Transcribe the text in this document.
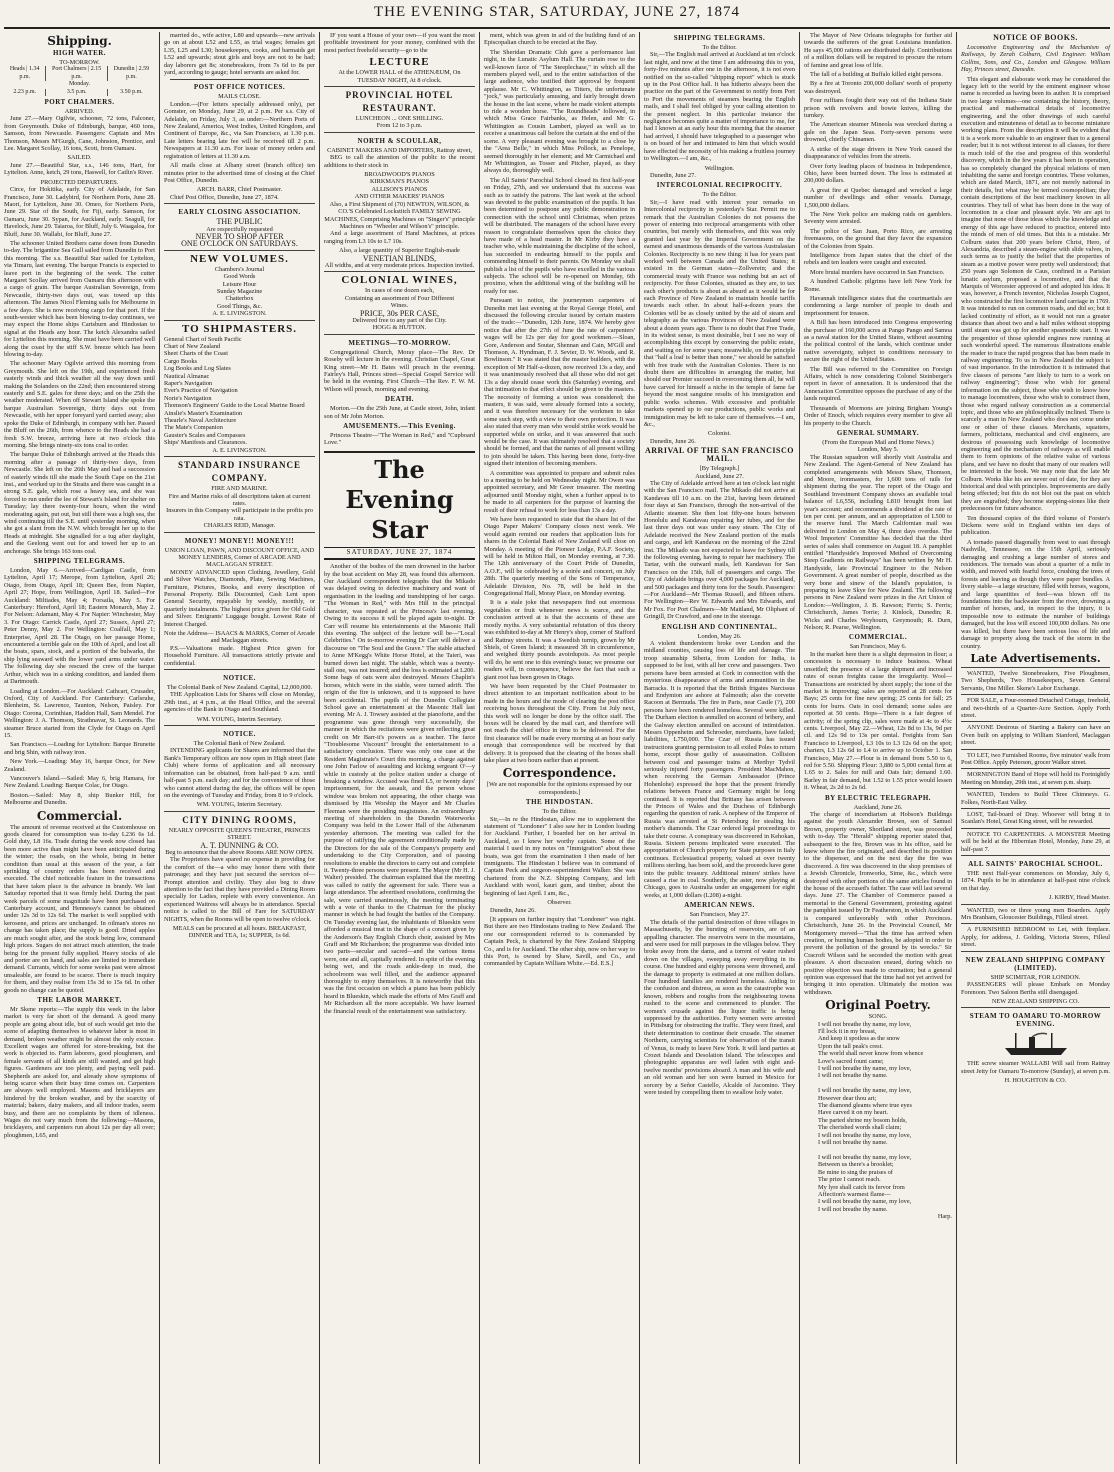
THE EVENING STAR, SATURDAY, JUNE 27, 1874
Shipping.
HIGH WATER.
TO-MORROW.
Heads | 1.34 p.m.	Port Chalmers | 2.15 p.m.	Dunedin | 2.59 p.m.
Monday.		
2.23 p.m.	3.5 p.m.	3.50 p.m.
PORT CHALMERS.
ARRIVED.
June 27.—Mary Ogilvie, schooner, 72 tons, Falconer, from Greymouth. Duke of Edinburgh, barque, 460 tons, Samson, from Newcastle. Passengers: Captain and Mrs Thomson, Messrs M'Gurgh, Cane, Johnston, Prentice, and Lee. Margaret Scollay, 16 tons, Scott, from Oamaru.
SAILED.
June 27.—Beautiful Star, s.s., 146 tons, Hart, for Lyttelton. Anne, ketch, 29 tons, Haswell, for Catlin's River.
PROJECTED DEPARTURES.
Circe, for Hokitika, early. City of Adelaide, for San Francisco, June 30. Ladybird, for Northern Ports, June 28. Maori, for Lyttelton, June 30. Omeo, for Northern Ports, June 29. Star of the South, for Fiji, early. Samson, for Oamaru, June 30. Sypan, for Auckland, early. Seagull, for Havelock, June 29. Taiaroa, for Bluff, July 6. Waagaloa, for Bluff, June 30. Wallabi, for Bluff, June 27.
The schooner United Brothers came down from Dunedin to-day. The brigantine Sea Gull sailed from Dunedin to Port this morning. The s.s. Beautiful Star sailed for Lyttelton, via Timaru, last evening. The barque Francis is expected to leave port in the beginning of the week. The cutter Margaret Scollay arrived from Oamaru this afternoon with a cargo of grain. The barque Australian Sovereign, from Newcastle, thirty-two days out, was towed up this afternoon. The James Nicol Fleming sails for Melbourne in a few days. She is now receiving cargo for that port. If the south-wester which has been blowing to-day continues, we may expect the Home ships Cartsburn and Hindostan to signal at the Heads any hour. The ketch Alexandra sailed for Lyttelton this morning. She must have been carried well along the coast by the stiff S.W. breeze which has been blowing to-day.
The schooner Mary Ogilvie arrived this morning from Greymouth. She left on the 19th, and experienced fresh easterly winds and thick weather all the way down until making the Solanders on the 22nd; then encountered strong easterly and S.E. gales for three days; and on the 25th the weather moderated. When off Stewart Island she spoke the barque Australian Sovereign, thirty days out from Newcastle, with her upper foreyard yard carried away; also spoke the Duke of Edinburgh, in company with her. Passed the Bluff on the 26th, from whence to the Heads she had a fresh S.W. breeze, arriving here at two o'clock this morning. She brings ninety-six tons coal to order.
The barque Duke of Edinburgh arrived at the Heads this morning after a passage of thirty-two days, from Newcastle. She left on the 26th May and had a succession of easterly winds till she made the South Cape on the 21st inst., and worked up to the Straits and there was caught in a strong S.E. gale, which rose a heavy sea, and she was forced to run under the lee of Stewart's Island for shelter on Tuesday; lay there twenty-four hours, when the wind moderating again, put out, but still there was a high sea, the wind continuing till the S.E. until yesterday morning, when she got a slant from the N.W. which brought her up to the Heads at midnight. She signalled for a tug after daylight, and the Geelong went out for and towed her up to an anchorage. She brings 163 tons coal.
SHIPPING TELEGRAMS.
London, May 6.—Arrived—Cardigan Castle, from Lyttelton, April 17; Merope, from Lyttelton, April 26; Otago, from Otago, April 18; Queen Bee, from Napier, April 27; Hope, from Wellington, April 18. Sailed—For Auckland: Miltiades, May 4; Forsaila, May 5. For Canterbury: Hereford, April 18; Eastern Monarch, May 2. For Nelson: Adamant, May 4. For Napier: Winchester, May 3. For Otago: Carrick Castle, April 27; Sussex, April 27; Peter Denny, May 2. For Wellington: Coalfall, May 1; Enterprise, April 28. The Otago, on her passage Home, encountered a terrible gale on the 10th of April, and lost all the boats, spars, stock, and a portion of the bulwarks, the ship lying seaward with the lower yard arms under water. The following day she rescued the crew of the barque Arthur, which was in a sinking condition, and landed them at Dartmouth.
Loading at London.—For Auckland: Cathcart, Crusader, Oxford, City of Auckland. For Canterbury: Carlsruhe, Blenheim, St. Lawrence, Taunton, Nelson, Paisley. For Otago: Corona, Corinthian, Haddon Hall, Sam Mendel. For Wellington: J. A. Thomson, Strathnavar, St. Leonards. The steamer Bruce started from the Clyde for Otago on April 15.
San Francisco.—Loading for Lyttelton: Barque Brunette and brig Shin, with railway iron.
New York.—Loading: May 16, barque Once, for New Zealand.
Vancouver's Island.—Sailed: May 6, brig Hamara, for New Zealand. Loading: Barque Colac, for Otago.
Boston.—Sailed: May 8, ship Bunker Hill, for Melbourne and Dunedin.
Commercial.
The amount of revenue received at the Customhouse on goods cleared for consumption was to-day L236 6s 1d. Gold duty, L8 16s. Trade during the week now closed has been more active than might have been anticipated during the winter; the roads, on the whole, being in better condition than usual at this season of the year, a fair sprinkling of country orders has been received and executed. The chief noticeable feature in the transactions that have taken place is the advance in brandy. We last Saturday reported that it was firmly held. During the past week parcels of some magnitude have been purchased on Canterbury account, and Hennessy's cannot be obtained under 12s 3d to 12s 6d. The market is well supplied with kerosene, and prices are unchanged. In oilman's stores no change has taken place; the supply is good. Dried apples are much sought after, and the stock being low, command high prices. Sugars do not attract much attention, the trade being for the present fully supplied. Heavy stocks of ale and porter are on hand, and sales are limited to immediate demand. Currants, which for some weeks past were almost unsaleable, are found to be scarce. There is much inquiry for them, and they realise from 15s 3d to 15s 6d. In other goods no change can be quoted.
THE LABOR MARKET.
Mr Skene reports:—The supply this week in the labor market is very far short of the demand. A good many people are going about idle, but of such would get into the scene of adapting themselves to whatever labor is most in demand, broken weather might be almost the only excuse. Excellent wages are offered for store-breaking, but the work is objected to. Farm laborers, good ploughmen, and female servants of all kinds are still wanted, and get high figures. Gardeners are too plenty, and paying well paid. Shepherds are asked for, and already show symptoms of being scarce when their busy time comes on. Carpenters are always well employed. Masons and bricklayers are hindered by the broken weather, and by the scarcity of material; bakers, dairy makers, and all indoor trades, seem busy, and there are no complaints by them of idleness. Wages do not vary much from the following:—Masons, bricklayers, and carpenters run about 12s per day all over; ploughmen, L65, and
married do., wife active, L80 and upwards—new arrivals go on at about L52 and L55, as trial wages; females get L35, L25 and L30; housekeepers, cooks, and barmaids get L52 and upwards; stout girls and boys are not to be had; day laborers get 8s; stonebreakers, from 7s 6d to 8s per yard, according to gauge; hotel servants are asked for.
POST OFFICE NOTICES.
MAILS CLOSE.
London.—(For letters specially addressed only), per Gomster, on Monday, June 29, at 2 p.m. Per s.s. City of Adelaide, on Friday, July 3, as under:—Northern Ports of New Zealand, America, West Indies, United Kingdom, and Continent of Europe, &c., via San Francisco, at 1.30 p.m. Late letters bearing late fee will be received till 2 p.m. Newspapers at 11.30 a.m. For issue of money orders and registration of letters at 11.30 a.m.
All mails close at Albany street (branch office) ten minutes prior to the advertised time of closing at the Chief Post Office, Dunedin.
ARCH. BARR, Chief Postmaster.
Chief Post Office, Dunedin, June 27, 1874.
EARLY CLOSING ASSOCIATION.
THE PUBLIC
Are respectfully requested
NEVER TO SHOP AFTER
ONE O'CLOCK ON SATURDAYS.
NEW VOLUMES.
Chambers's Journal
Good Words
Leisure Hour
Sunday Magazine
Chatterbox
Good Things, &c.
A. E. LIVINGSTON.
TO SHIPMASTERS.
General Chart of South Pacific
Chart of New Zealand
Sheet Charts of the Coast
Cargo Books
Log Books and Log Slates
Nautical Almanac
Raper's Navigation
Ever's Practice of Navigation
Norie's Navigation
Thomson's Engineers' Guide to the Local Marine Board
Ainslie's Master's Examination
Thearle's Naval Architecture
The Mate's Companion
Gauster's Scales and Compasses
Ships' Manifests and Clearances.
A. E. LIVINGSTON.
STANDARD INSURANCE COMPANY.
FIRE AND MARINE.
Fire and Marine risks of all descriptions taken at current rates.
Insurers in this Company will participate in the profits pro rata.
CHARLES REID, Manager.
MONEY! MONEY!! MONEY!!!
UNION LOAN, PAWN, AND DISCOUNT OFFICE, AND MONEY LENDERS, Corner of ARCADE AND MACLAGGAN STREET.
MONEY ADVANCED upon Clothing, Jewellery, Gold and Silver Watches, Diamonds, Plate, Sewing Machines, Furniture, Pictures, Books, and every description of Personal Property. Bills Discounted, Cash Lent upon General Security, repayable by weekly, monthly, or quarterly instalments. The highest price given for Old Gold and Silver. Emigrants' Luggage bought. Lowest Rate of Interest Charged.
Note the Address— ISAACS & MARKS, Corner of Arcade and Maclaggan streets.
P.S.—Valuations made. Highest Price given for Household Furniture. All transactions strictly private and confidential.
NOTICE.
The Colonial Bank of New Zealand. Capital, L2,000,000.
THE Application Lists for Shares will close on Monday, 29th inst., at 4 p.m., at the Head Office, and the several agencies of the Bank in Otago and Southland.
WM. YOUNG, Interim Secretary.
NOTICE.
The Colonial Bank of New Zealand.
INTENDING applicants for Shares are informed that the Bank's Temporary offices are now open in High street (late Club) where forms of application and all necessary information can be obtained, from half-past 9 a.m. until half-past 5 p.m. each day; and for the convenience of those who cannot attend during the day, the offices will be open on the evenings of Tuesday and Friday, from 8 to 9 o'clock.
WM. YOUNG, Interim Secretary.
CITY DINING ROOMS,
NEARLY OPPOSITE QUEEN'S THEATRE, PRINCES STREET.
A. T. DUNNING & CO.
Beg to announce that the above Rooms ARE NOW OPEN.
The Proprietors have spared no expense in providing for the comfort of the—a who may honor them with their patronage; and they have just secured the services of—Prompt attention and civility. They also beg to draw attention to the fact that they have provided a Dining Room specially for Ladies, replete with every convenience. An experienced Waitress will always be in attendance. Special notice is called to the Bill of Fare for SATURDAY NIGHTS, when the Rooms will be open to twelve o'clock.
MEALS can be procured at all hours. BREAKFAST, DINNER and TEA, 1s; SUPPER, 1s 6d.
IF you want a House of your own—if you want the most profitable investment for your money, combined with the most perfect freehold security—go to the
LECTURE
At the LOWER HALL of the ATHENÆUM, On TUESDAY NIGHT, At 8 o'clock.
PROVINCIAL HOTEL RESTAURANT.
LUNCHEON ... ONE SHILLING.
From 12 to 3 p.m.
NORTH & SCOULLAR,
CABINET MAKERS AND IMPORTERS, Rattray street,
BEG to call the attention of the public to the recent additions to their stock in
BROADWOOD'S PIANOS
KIRKMAN'S PIANOS
ALLISON'S PIANOS
AND OTHER MAKERS' PIANOS
Also, a First Shipment of (70) NEWTON, WILSON, & CO.'S Celebrated Lockstitch FAMILY SEWING MACHINES, Comprising Machines on "Singer's" principle Machines on "Wheeler and Wilson's" principle.
And a large assortment of Hand Machines, at prices ranging from L3 10s to L7 10s.
Also, a large quantity of Superior English-made
VENETIAN BLINDS,
All widths, and at very moderate prices. Inspection invited.
COLONIAL WINES,
In cases of one dozen each,
Containing an assortment of Four Different
Wines.
PRICE, 30s PER CASE,
Delivered free to any part of the City.
HOGG & HUTTON.
MEETINGS—TO-MORROW.
Congregational Church, Moray place—The Rev. Dr Roseby will lecture in the evening. Christian Chapel, Great King street—Mr H. Bates will preach in the evening. Fairley's Hall, Princes street—Special Gospel Service will be held in the evening. First Church—The Rev. F. W. M. Wilson will preach, morning and evening.
DEATH.
Morton.—On the 25th June, at Castle street, John, infant son of Mr John Morton.
AMUSEMENTS.—This Evening.
Princess Theatre—"The Woman in Red," and "Cupboard Love."
The Evening Star
SATURDAY, JUNE 27, 1874
Another of the bodies of the men drowned in the harbor by the boat accident on May 28, was found this afternoon. Our Auckland correspondent telegraphs that the Mikado was delayed owing to defective machinery and want of organisation in the loading and transhipping of her cargo. "The Woman in Red," with Mrs Hill in the principal character, was repeated at the Princess's last evening. Owing to its success it will be played again to-night. Dr Carr will resume his entertainments at the Masonic Hall this evening. The subject of the lecture will be—"Local Celebrities." On to-morrow evening Dr Carr will deliver a discourse on "The Soul and the Grave." The stable attached to Anne M'Kegg's White Horse Hotel, at the Taieri, was burned down last night. The stable, which was a twenty-stall one, was not insured; and the loss is estimated at L200. Some bags of oats were also destroyed. Messrs Chaplin's horses, which were in the stable, were turned adrift. The origin of the fire is unknown, and it is supposed to have been accidental. The pupils of the Dunedin Collegiate School gave an entertainment at the Masonic Hall last evening. Mr A. J. Towsey assisted at the pianoforte, and the programme was gone through very successfully, the manner in which the recitations were given reflecting great credit on Mr Barr-it's powers as a teacher. The farce "Troublesome Viscount" brought the entertainment to a satisfactory conclusion. There was only one case at the Resident Magistrate's Court this morning, a charge against one John Farlow of assaulting and kicking sergeant O'—y while in custody at the police station under a charge of breaking a window. Accused was fined L5, or twenty days' imprisonment, for the assault, and the person whose window was broken not appearing, the other charge was dismissed by His Worship the Mayor and Mr Charles Fleeman were the presiding magistrates. An extraordinary meeting of shareholders in the Dunedin Waterworks Company was held in the Lower Hall of the Athenæum yesterday afternoon. The meeting was called for the purpose of ratifying the agreement conditionally made by the Directors for the sale of the Company's property and undertaking to the City Corporation, and of passing resolutions to enable the directors to carry out and complete it. Twenty-three persons were present. The Mayor (Mr H. J. Walter) presided. The chairman explained that the meeting was called to ratify the agreement for sale. There was a large attendance. The advertised resolutions, confirming the sale, were carried unanimously, the meeting terminating with a vote of thanks to the Chairman for the plucky manner in which he had fought the battles of the Company. On Tuesday evening last, the inhabitants of Blueskin were afforded a musical treat in the shape of a concert given by the Anderson's Bay English Church choir, assisted by Mrs Graff and Mr Richardson; the programme was divided into two parts—secular and sacred—and the various items were, one and all, capitally rendered. In spite of the evening being wet, and the roads ankle-deep in mud, the schoolroom was well filled, and the audience appeared thoroughly to enjoy themselves. It is noteworthy that this was the first occasion on which a piano has been publicly heard in Blueskin, which made the efforts of Mrs Graff and Mr Richardson all the more acceptable. We have learned the financial result of the entertainment was satisfactory.
ment, which was given in aid of the building fund of an Episcopalian church to be erected at the Bay.
The Sheridan Dramatic Club gave a performance last night, in the Lunatic Asylum Hall. The curtain rose to the well-known farce of "The Steeplechase," in which all the members played well, and to the entire satisfaction of the large audience, who testified their approval by frequent applause. Mr C. Whittington, as Titters, the unfortunate "jock," was particularly amusing, and fairly brought down the house in the last scene, where he made violent attempts to ride a wooden horse. "The Roundheads" followed, in which Miss Grace Fairbanks, as Helen, and Mr G. Whittington as Cousin Lambert, played as well as to receive a unanimous call before the curtain at the end of the scene. A very pleasant evening was brought to a close by the "Area Belle," in which Miss Pollock, as Penelope, seemed thoroughly in her element; and Mr Carmichael and Mr Whittington, as Tosser and Pitcher, played, as they always do, thoroughly well.
The All Saints' Parochial School closed its first half-year on Friday, 27th, and we understand that its success was such as to satisfy the patrons. The last week at the school was devoted to the public examination of the pupils. It has been determined to postpone any public demonstration in connection with the school until Christmas, when prizes will be distributed. The managers of the school have every reason to congratulate themselves upon the choice they have made of a head master. In Mr Kirby they have a teacher who, while maintaining the discipline of the school, has succeeded in endearing himself to the pupils and commending himself to their parents. On Monday we shall publish a list of the pupils who have excelled in the various subjects. The school will be re-opened on Monday, 6th proximo, when the additional wing of the building will be ready for use.
Pursuant to notice, the journeymen carpenters of Dunedin met last evening at the Royal George Hotel, and discussed the following circular issued by certain masters of the trade:—"Dunedin, 12th June, 1874. We hereby give notice that after the 27th of June the rate of carpenters' wages will be 12s per day for good workmen.—Sloan, Gore, Anderson and Soutar, Shennan and Cain, M'Gill and Thomson, A. Hyndman, F. J. Sevier, D. W. Woods, and R. Bowlinson." It was stated that the master builders, with the exception of Mr Half-a-dozen, now received 13s a day, and it was unanimously resolved that all those who did not get 13s a day should cease work this (Saturday) evening, and that intimation to that effect should be given to the masters. The necessity of forming a union was considered; the masters, it was said, were already formed into a society, and it was therefore necessary for the workmen to take some such step, with a view to their own protection. It was also stated that every man who would strike work would be supported while on strike, and it was answered that such would be the case. It was ultimately resolved that a society should be formed, and that the names of all present willing to join should be taken. This having been done, forty-five signed their intention of becoming members.
A committee was appointed to prepare and submit rules to a meeting to be held on Wednesday night. Mr Owen was appointed secretary, and Mr Greer treasurer. The meeting adjourned until Monday night, when a further appeal is to be made to all carpenters for the purpose of learning the result of their refusal to work for less than 13s a day.
We have been requested to state that the share list of the Otago Paper Makers' Company closes next week. We would again remind our readers that application lists for shares in the Colonial Bank of New Zealand will close on Monday. A meeting of the Pioneer Lodge, P.A.F. Society, will be held in Milton Hall, on Monday evening, at 7.30. The 12th anniversary of the Court Pride of Dunedin, A.O.F., will be celebrated by a soirée and concert, on July 28th. The quarterly meeting of the Sons of Temperance, Adelaide Division, No. 78, will be held in the Congregational Hall, Moray Place, on Monday evening.
It is a stale joke that newspapers find out enormous vegetables or fruit whenever news is scarce, and the conclusion arrived at is that the accounts of these are mostly myths. A very substantial refutation of this theory was exhibited to-day at Mr Henry's shop, corner of Stafford and Rattray streets. It was a Swedish turnip, grown by Mr Shiels, of Green Island; it measured 3ft in circumference, and weighed thirty pounds avoirdupois. As most people will do, he sent one to this evening's issue; we presume our readers will, in consequence, believe the fact that such a giant root has been grown in Otago.
We have been requested by the Chief Postmaster to direct attention to an important notification about to be made in the hours and the mode of clearing the post office receiving boxes throughout the City. From 1st July next, this work will no longer be done by the office staff. The boxes will be cleared by the mail cart, and therefore will not reach the chief office in time to be delivered. For the first clearance will be made every morning at an hour early enough that correspondence will be received by that delivery. It is proposed that the clearing of the boxes shall take place at two hours earlier than at present.
Correspondence.
[We are not responsible for the opinions expressed by our correspondents.]
THE HINDOSTAN.
To the Editor.
Sir,—In re the Hindostan, allow me to supplement the statement of "Londoner" I also saw her in London loading for Auckland. Further, I boarded her on her arrival in Auckland, so I knew her worthy captain. Some of the material I used in my notes on "Immigration" about these boats, was got from the examination I then made of her immigrants. The Hindostan I believe was in command of Captain Peck and surgeon-superintendent Walker. She was chartered from the N.Z. Shipping Company, and left Auckland with wool, kauri gum, and timber, about the beginning of last April. I am, &c.,
Observer.
Dunedin, June 26.
[It appears on further inquiry that "Londoner" was right. But there are two Hindostans trading to New Zealand. The one our correspondent referred to is commanded by Captain Peck, is chartered by the New Zealand Shipping Co., and is for Auckland. The other ship, now on her way to this Port, is owned by Shaw, Savill, and Co., and commanded by Captain William White.—Ed. E.S.]
SHIPPING TELEGRAMS.
To the Editor.
Sir,—The English mail arrived at Auckland at ten o'clock last night, and now at the time I am addressing this to you, forty-five minutes after one in the afternoon, it is not even notified on the so-called "shipping report" which is stuck up in the Post Office hall. It has hitherto always been the practice on the part of the Government to notify from Port to Port the movements of steamers bearing the English mails, and I shall feel obliged by your calling attention to the present neglect. In this particular instance the negligence becomes quite a matter of importance to me, for had I known at an early hour this morning that the steamer had arrived, I should have telegraphed to a passenger who is on board of her and intimated to him that which would have effected the necessity of his making a fruitless journey to Wellington.—I am, &c.,
Wellington.
Dunedin, June 27.
INTERCOLONIAL RECIPROCITY.
To the Editor.
Sir,—I have read with interest your remarks on Intercolonial reciprocity in yesterday's Star. Permit me to remark that the Australian Colonies do not possess the power of entering into reciprocal arrangements with other countries, but merely with themselves, and this was only granted last year by the Imperial Government on the earnest and unanimous demands of the various Australasian Colonies. Reciprocity is no new thing: it has for years past worked well between Canada and the United States; it existed in the German states—Zollverein; and the commercial treaty with France was nothing but an act of reciprocity. For these Colonies, situated as they are, to tax each other's products is about as absurd as it would be for each Province of New Zealand to maintain hostile tariffs towards each other. In about half-a-dozen years the Colonies will be as closely united by the aid of steam and telegraphy as the various Provinces of New Zealand were about a dozen years ago. There is no doubt that Free Trade, in its widest sense, is most desirable, but I see no way of accomplishing this except by conserving the public estate, and waiting on for some years; meanwhile, on the principle that "half a loaf is better than none," we should be satisfied with free trade with the Australian Colonies. There is no doubt there are difficulties in arranging the matter, but should our Premier succeed in overcoming them all, he will have carved for himself a niche in the temple of fame far beyond the most sanguine results of his immigration and public works schemes. With excessive and profitable markets opened up to our productions, public works and immigration may be left to take care of themselves.—I am, &c.,
Colonist.
Dunedin, June 26.
ARRIVAL OF THE SAN FRANCISCO MAIL.
[By Telegraph.]
Auckland, June 27.
The City of Adelaide arrived here at ten o'clock last night with the San Francisco mail. The Mikado did not arrive at Kandavau till 10 a.m. on the 21st, having been detained four days at San Francisco, through the non-arrival of the Atlantic steamer. She then lost fifty-one hours between Honolulu and Kandavau repairing her tubes, and for the last three days out was under easy steam. The City of Adelaide received the New Zealand portion of the mails and cargo, and left Kandavau on the morning of the 22nd inst. The Mikado was not expected to leave for Sydney till the following evening, having to repair her machinery. The Tartar, with the outward mails, left Kandavau for San Francisco on the 15th, full of passengers and cargo. The City of Adelaide brings over 4,000 packages for Auckland, and 500 packages and thirty tons for the South. Passengers:—For Auckland—Mr Thomas Russell, and fifteen others. For Wellington—Rev W. Edwards and Mrs Edwards, and Mr Fox. For Port Chalmers—Mr Maitland, Mr Oliphant of Gringill, Dr Crawford, and one in the steerage.
ENGLISH AND CONTINENTAL.
London, May 26.
A violent thunderstorm broke over London and the midland counties, causing loss of life and damage. The troop steamship Siberia, from London for India, is supposed to be lost, with all her crew and passengers. Two persons have been arrested at Cork in connection with the mysterious disappearance of arms and ammunition in the Barracks. It is reported that the British frigates Narcissus and Endymion are ashore at Falmouth; also the corvette Racoon at Bermuda. The fire in Paris, near Castle (?), 200 persons have been rendered homeless. Several were killed. The Durham election is annulled on account of bribery, and the Galway election annulled on account of intimidation. Messrs Oppenheim and Schroeder, merchants, have failed; liabilities, L750,000. The Czar of Russia has issued instructions granting permission to all exiled Poles to return home, except those guilty of assassination. Collision between coal and passenger trains at Merthyr Tydvil seriously injured forty passengers. President MacMahon, when receiving the German Ambassador (Prince Hohenlohe) expressed the hope that the present friendly relations between France and Germany might be long continued. It is reported that Brittany has arisen between the Princes of Wales and the Duchess of Edinburgh regarding the question of rank. A nephew of the Emperor of Russia was arrested at St Petersburg for stealing his mother's diamonds. The Czar ordered legal proceedings to take their course. A conspiracy was discovered in Kehokan, Russia. Sixteen persons implicated were executed. The appropriation of Church property for State purposes in Italy continues. Ecclesiastical property, valued at over twenty millions sterling, has been sold, and the proceeds have gone into the public treasury. Additional miners' strikes have caused a rise in coal. Southerly, the aster, now playing at Chicago, goes to Australia under an engagement for eight weeks, at 1,000 dollars (L208) a-night.
AMERICAN NEWS.
San Francisco, May 27.
The details of the partial destruction of three villages in Massachusetts, by the bursting of reservoirs, are of an appalling character. The reservoirs were in the mountains, and were used for mill purposes in the villages below. They broke away from the dams, and a torrent of water rushed down on the villages, sweeping away everything in its course. One hundred and eighty persons were drowned, and the damage to property is estimated at one million dollars. Four hundred families are rendered homeless. Adding to the confusion and distress, as soon as the catastrophe was known, robbers and roughs from the neighbouring towns rushed to the scene and commenced to plunder. The women's crusade against the liquor traffic is being suppressed by the authorities. Forty women were arrested in Pittsburg for obstructing the traffic. They were fined, and their determination to continue their crusade. The steamer Northern, carrying scientists for observation of the transit of Venus, is ready to leave New York. It will land parties at Crozet Islands and Desolation Island. The telescopes and photographic apparatus are well laden with eight and-twelve months' provisions aboard. A man and his wife and an old woman and her son were burned in Mexico for sorcery by a Señor Castello, Alcalde of Jacomino. They were tested by compelling them to swallow holy water.
The Mayor of New Orleans telegraphs for further aid towards the sufferers of the great Louisiana inundation. He says 45,000 rations are distributed daily. Contributions of a million dollars will be required to procure the return of famine and great loss of life.
The fall of a building at Buffalo killed eight persons.
By a fire at Toronto 200,000 dollars' worth of property was destroyed.
Four ruffians fought their way out of the Indiana State prison with revolvers and bowie knives, killing the turnkey.
The American steamer Mineola was wrecked during a gale on the Japan Seas. Forty-seven persons were drowned, chiefly Chinamen.
A strike of the stage drivers in New York caused the disappearance of vehicles from the streets.
Over forty leading places of business in Independence, Ohio, have been burned down. The loss is estimated at 200,000 dollars.
A great fire at Quebec damaged and wrecked a large number of dwellings and other vessels. Damage, 1,500,000 dollars.
The New York police are making raids on gamblers. Seventy were arrested.
The police of San Juan, Porto Rico, are arresting freemasons, on the ground that they favor the expansion of the Colonies from Spain.
Intelligence from Japan states that the chief of the rebels and ten leaders were caught and executed.
More brutal murders have occurred in San Francisco.
A hundred Catholic pilgrims have left New York for Rome.
Havannah intelligence states that the courtmartials are condemning a large number of people to death and imprisonment for treason.
A Bill has been introduced into Congress empowering the purchase of 160,000 acres at Pango Pango and Samoa as a naval station for the United States, without assuming the political control of the lands, which continue under native sovereignty, subject to conditions necessary to secure the right of the United States.
The Bill was referred to the Committee on Foreign Affairs, which is now considering Colonel Steinberger's report in favor of annexation. It is understood that the Annexation Committee opposes the purchase of any of the lands required.
Thousands of Mormons are joining Brigham Young's Order of Enoch, which requires every member to give all his property to the Church.
GENERAL SUMMARY.
(From the European Mail and Home News.)
London, May 5.
The Russian squadron will shortly visit Australia and New Zealand. The Agent-General of New Zealand has completed arrangements with Messrs Shaw, Thomson, and Moore, ironmasters, for 1,600 tons of rails for shipment during the year. The report of the Otago and Southland Investment Company shows an available total balance of L6,556, including L810 brought from last year's account; and recommends a dividend at the rate of ten per cent. per annum, and an appropriation of L500 to the reserve fund. The March Californian mail was delivered in London on May 4, three days overdue. The Wool Importers' Committee has decided that the third series of sales shall commence on August 18. A pamphlet entitled "Handyside's Improved Method of Overcoming Steep Gradients on Railways" has been written by Mr H. Handyside, late Provincial Engineer to the Nelson Government. A great number of people, described as the very bone and sinew of the Island's population, is preparing to leave Skye for New Zealand. The following persons in New Zealand were prizes in the Art Union of London:—Wellington, J. B. Rawson; Ferris; S. Ferris; Christchurch, James Torrie; J. Kinlock, Dunedin; R. Wicks and Charles Weyhourn, Greymouth; R. Durn, Nelson; R. Pearse, Wellington.
COMMERCIAL.
San Francisco, May 6.
In the market here there is a slight depression in flour; a concession is necessary to induce business. Wheat unsettled; the presence of a large shipment and increased rates of ocean freights cause the irregularity. Wool—Transactions are restricted by short supply; the tone of the market is improving; sales are reported at 28 cents for Bays; 25 cents for fine new spring; 25 cents for fall; 25 cents for burrs. Oats in cool demand; some sales are reported at 50 cents. Hops—There is a fair degree of activity; of the spring clip, sales were made at 4c to 4½c cents. Liverpool, May 22.—Wheat, 12s 8d to 13s, 9d per ctl. and 12s 9d to 13s per cental. Freights from San Francisco to Liverpool, L3 10s to L3 12s 6d on the spot; charters, L3 12s 6d to L4 to arrive up to October 1. San Francisco, May 27.—Flour is in demand from 5.50 to 6, red for 5.50. Shipping Flour: 3,880 to 5,000 cental firm at 1.65 to 2. Sales for mill and Oats fair; demand 1.60. Barley in fair demand, but 1.52 to 1.55 price would lessen it. Wheat, 2s 2d to 2s 6d.
BY ELECTRIC TELEGRAPH.
Auckland, June 26.
The charge of incendiarism at Hobson's Buildings against the youth Alexander Brown, son of Samuel Brown, property owner, Shortland street, was proceeded with to-day. The "Herald" shipping reporter stated that, subsequent to the fire, Brown was in his office, said he knew where the fire originated, and described its position to the dispenser, and on the next day the fire was discovered. A fire was discovered in the shop premises of a Jewish Chronicle, Ironworks, Sime, &c., which were destroyed with other portions of the same articles found in the house of the accused's father. The case will last several days. June 27. The Chamber of Commerce passed a memorial to the General Government, protesting against the pamphlet issued by Dr Featherston, in which Auckland is compared unfavorably with other Provinces. Christchurch, June 26. In the Provincial Council, Mr Montgomery moved—"That the time has arrived when creation, or burning human bodies, be adopted in order to prevent the pollution of the ground by its wrecks." Sir Cracroft Wilson said he seconded the motion with great pleasure. A short discussion ensued, during which no positive objection was made to cremation; but a general opinion was expressed that the time had not yet arrived for bringing it into operation. Ultimately the motion was withdrawn.
Original Poetry.
SONG.
I will not breathe thy name, my love,
I'll lock it in my breast,
And keep it spotless as the snow
Upon the tall peak's crest.
The world shall never know from whence
Love's sacred fount came;
I will not breathe thy name, my love,
I will not breathe thy name.

I will not breathe thy name, my love,
However dear thou art;
The diamond gleams where true eyes
Have carved it on my heart.
The parted shrine my bosom holds,
The cherished words shall claim;
I will not breathe thy name, my love,
I will not breathe thy name.

I will not breathe thy name, my love,
Between us there's a brooklet;
Be mine to sing the praises of
The prize I cannot reach.
My lyre shall catch its fervor from
Affection's warmest flame—
I will not breathe thy name, my love,
I will not breathe thy name.
Harp.
NOTICE OF BOOKS.
Locomotive Engineering and the Mechanism of Railways, by Zerah Colburn, Civil Engineer. William Collins, Sons, and Co., London and Glasgow. William Hay, Princes street, Dunedin.
This elegant and elaborate work may be considered the legacy left to the world by the eminent engineer whose name is recorded as having been its author. It is comprised in two large volumes—one containing the history, theory, practical and mathematical details of locomotive engineering, and the other drawings of such careful execution and minuteness of detail as to become miniature working plans. From the description it will be evident that it is a work more valuable to an engineer than to a general reader; but it is not without interest to all classes, for there is much told of the rise and progress of this wonderful discovery, which in the few years it has been in operation, has so completely changed the physical relations of men inhabiting the same and foreign countries. These volumes, which are dated March, 1871, are not merely national in their details, but what may be termed cosmopolitan; they contain descriptions of the best machinery known in all countries. They tell of what has been done in the way of locomotion in a clear and pleasant style. We are apt to imagine that none of those ideas which the knowledge and energy of this age have reduced to practice, entered into the minds of men of old times. But this is a mistake. Mr Colburn states that 200 years before Christ, Hero, of Alexandria, described a steam-engine with slide valves, in such terms as to justify the belief that the properties of steam as a motive power were pretty well understood; that 250 years ago Solomon de Caus, confined in a Parisian lunatic asylum, proposed a locomotive, and that the Marquis of Worcester approved of and adopted his idea. It was, however, a French inventor, Nicholas Joseph Cugnot, who constructed the first locomotive land carriage in 1769. It was intended to run on common roads, and did so; but it lacked continuity of effort, as it would not run a greater distance than about two and a half miles without stopping until steam was got up for another spasmodic start. It was the progenitor of those splendid engines now running at such wonderful speed. The numerous illustrations enable the reader to trace the rapid progress that has been made in railway engineering. To us in New Zealand the subject is of vast importance. In the introduction it is intimated that five classes of persons "are likely to turn to a work on railway engineering"; those who wish for general information on the subject, those who wish to know how to manage locomotives, those who wish to construct them, those who regard railway construction as a commercial topic, and those who are philosophically inclined. There is scarcely a man in New Zealand who does not come under one or other of these classes. Merchants, squatters, farmers, politicians, mechanical and civil engineers, are desirous of possessing such knowledge of locomotive engineering and the mechanism of railways as will enable them to form opinions of the relative value of various plans, and we have no doubt that many of our readers will be interested in the book. We may note that the late Mr Colburn. Works like his are never out of date, for they are historical and deal with principles. Improvements are daily being effected; but this do not blot out the past on which they are engrafted; they become stepping-stones like their predecessors for future advance.
Ten thousand copies of the third volume of Forster's Dickens were sold in England within ten days of publication.
A tornado passed diagonally from west to east through Nashville, Tennessee, on the 15th April, seriously damaging and crushing a large number of stores and residences. The tornado was about a quarter of a mile in width, and moved with fearful force, crushing the trees of forests and leaving as though they were paper bundles. A livery stable—a large structure, filled with horses, wagons, and large quantities of feed—was blown off its foundations into the backwater from the river, drowning a number of horses, and, in respect to the injury, it is impossible now to estimate the number of buildings damaged, but the loss will exceed 100,000 dollars. No one was killed, but there have been serious loss of life and damage to property along the track of the storm in the country.
Late Advertisements.
WANTED, Twelve Stonebreakers, Five Ploughmen, Two Shepherds, Two Housekeepers, Seven General Servants, One Miller. Skene's Labor Exchange.
FOR SALE, a Four-roomed Detached Cottage, freehold, and two-thirds of a Quarter-Acre Section. Apply Forth street.
ANYONE Desirous of Starting a Bakery can have an Oven built on applying to William Stanford, Maclaggan street.
TO LET, two Furnished Rooms, five minutes' walk from Post Office. Apply Peterson, grocer Walker street.
MORNINGTON Band of Hope will hold its Fortnightly Meeting on Monday, 29th inst., at seven p.m. sharp.
WANTED, Tenders to Build Three Chimneys. G. Folkes, North-East Valley.
LOST, Tail-board of Dray. Whoever will bring it to Scanlan's Hotel, Great King street, will be rewarded.
NOTICE TO CARPENTERS. A MONSTER Meeting will be held at the Hibernian Hotel, Monday, June 29, at half-past 7.
ALL SAINTS' PAROCHIAL SCHOOL.
THE next Half-year commences on Monday, July 6, 1874. Pupils to be in attendance at half-past nine o'clock on that day.
J. KIRBY, Head Master.
WANTED, two or three young men Boarders. Apply Mrs Branham, Gloucester Buildings, Filleul street.
A FURNISHED BEDROOM to Let, with fireplace. Apply, for address, J. Golding, Victoria Stores, Filleul street.
NEW ZEALAND SHIPPING COMPANY (LIMITED).
SHIP SCIMITAR, FOR LONDON.
PASSENGERS will please Embark on Monday Forenoon. Two Saloon Berths still disengaged.
NEW ZEALAND SHIPPING CO.
STEAM TO OAMARU TO-MORROW EVENING.
THE screw steamer WALLABI Will sail from Rattray street Jetty for Oamaru To-morrow (Sunday), at seven p.m.
H. HOUGHTON & CO.
